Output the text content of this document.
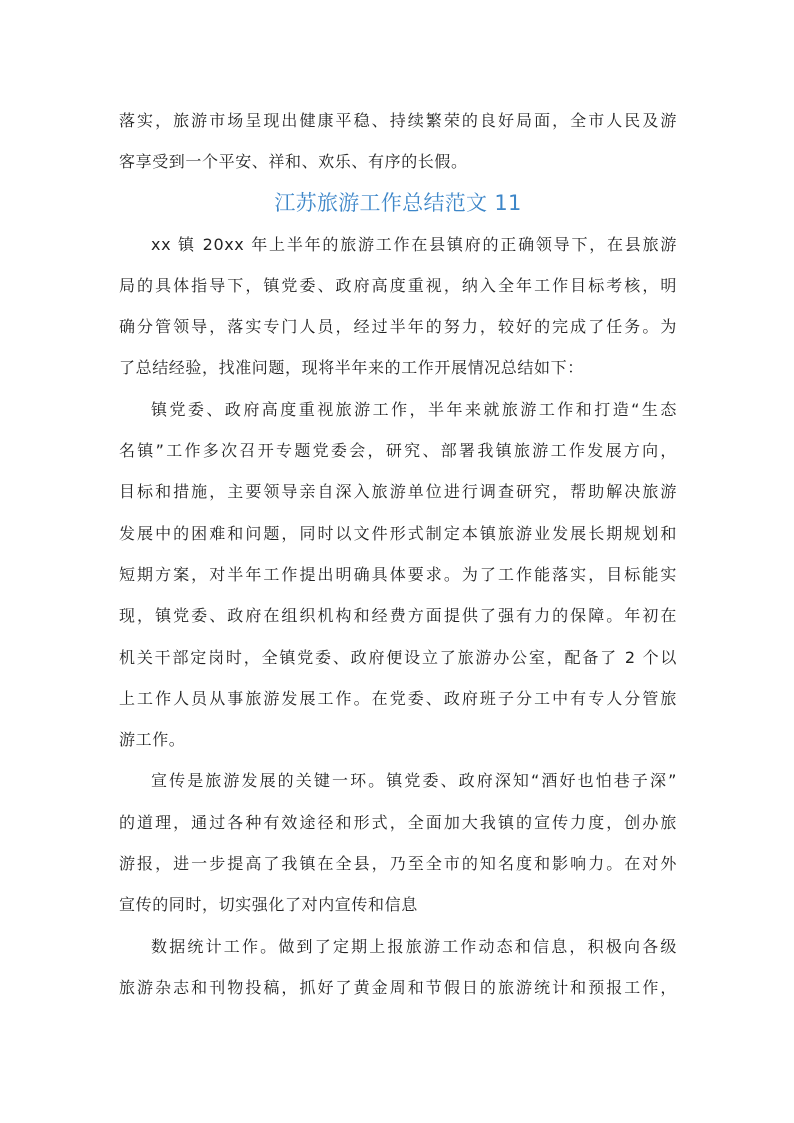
落实，旅游市场呈现出健康平稳、持续繁荣的良好局面，全市人民及游
客享受到一个平安、祥和、欢乐、有序的长假。
江苏旅游工作总结范文 11
xx 镇 20xx 年上半年的旅游工作在县镇府的正确领导下，在县旅游
局的具体指导下，镇党委、政府高度重视，纳入全年工作目标考核，明
确分管领导，落实专门人员，经过半年的努力，较好的完成了任务。为
了总结经验，找准问题，现将半年来的工作开展情况总结如下：
镇党委、政府高度重视旅游工作，半年来就旅游工作和打造“生态
名镇”工作多次召开专题党委会，研究、部署我镇旅游工作发展方向，
目标和措施，主要领导亲自深入旅游单位进行调查研究，帮助解决旅游
发展中的困难和问题，同时以文件形式制定本镇旅游业发展长期规划和
短期方案，对半年工作提出明确具体要求。为了工作能落实，目标能实
现，镇党委、政府在组织机构和经费方面提供了强有力的保障。年初在
机关干部定岗时，全镇党委、政府便设立了旅游办公室，配备了 2 个以
上工作人员从事旅游发展工作。在党委、政府班子分工中有专人分管旅
游工作。
宣传是旅游发展的关键一环。镇党委、政府深知“酒好也怕巷子深”
的道理，通过各种有效途径和形式，全面加大我镇的宣传力度，创办旅
游报，进一步提高了我镇在全县，乃至全市的知名度和影响力。在对外
宣传的同时，切实强化了对内宣传和信息
数据统计工作。做到了定期上报旅游工作动态和信息，积极向各级
旅游杂志和刊物投稿，抓好了黄金周和节假日的旅游统计和预报工作，
